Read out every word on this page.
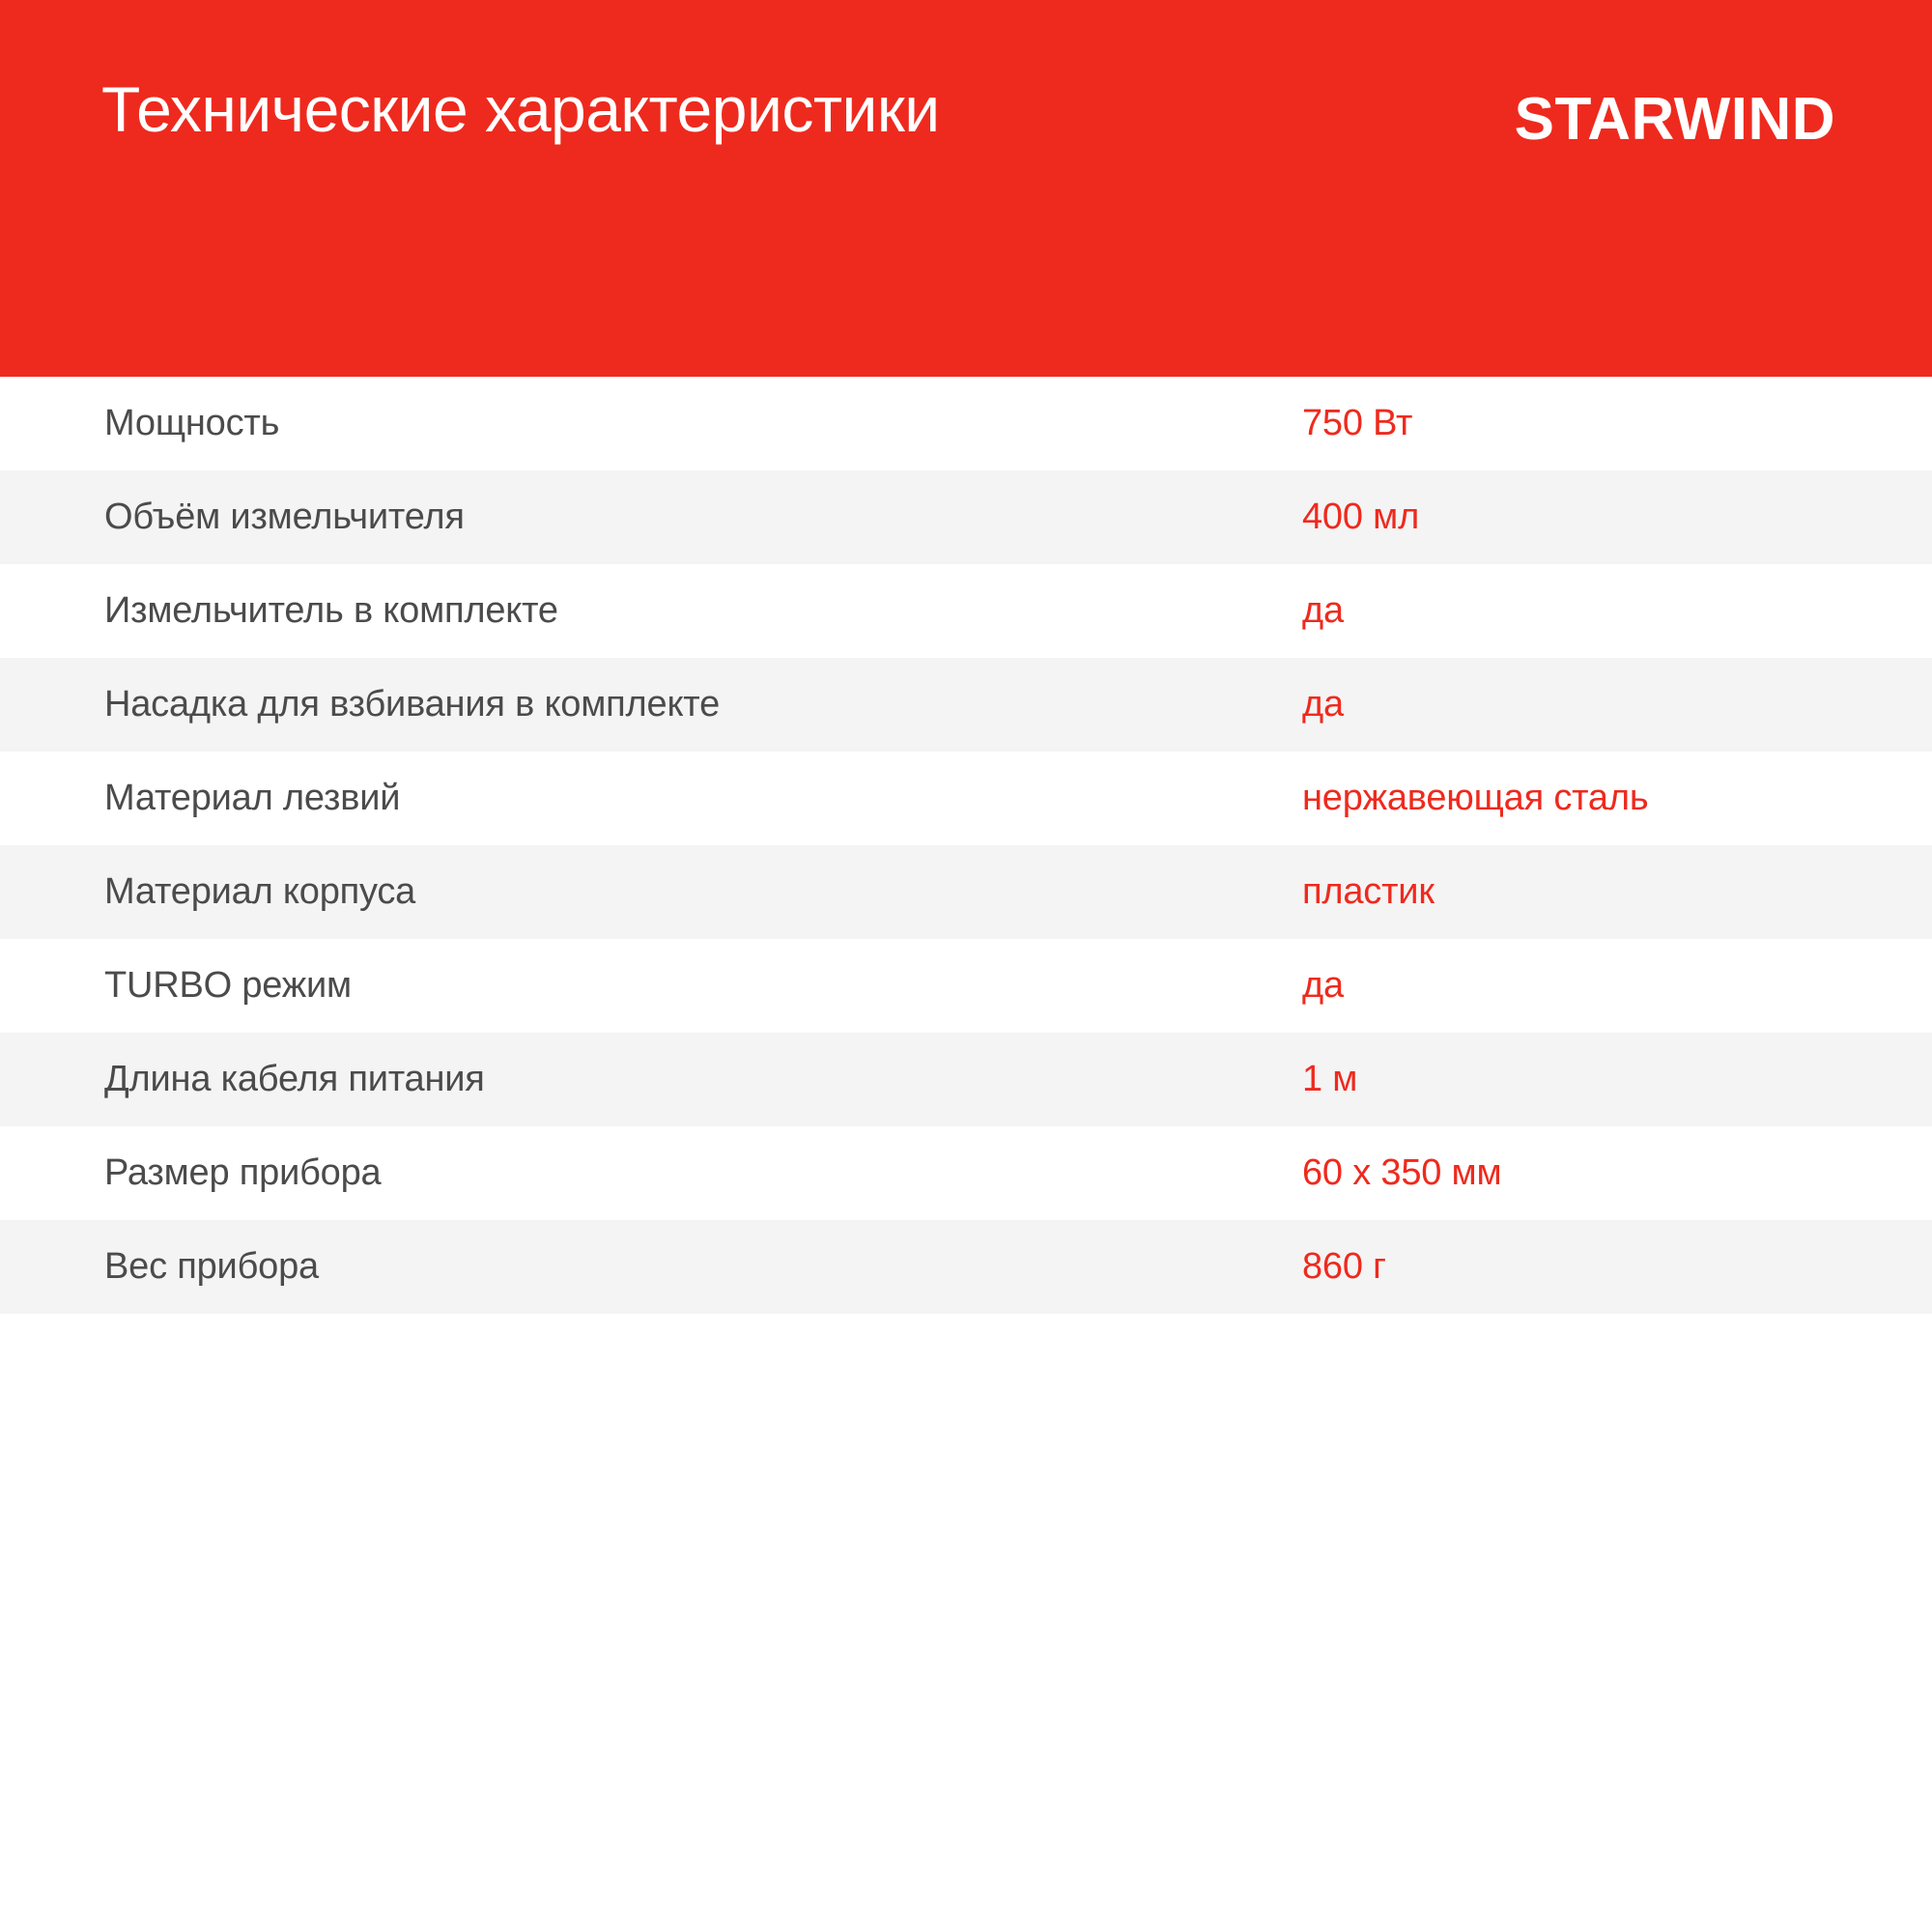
Технические характеристики	STARWIND
Мощность	750 Вт
Объём измельчителя	400 мл
Измельчитель в комплекте	да
Насадка для взбивания в комплекте	да
Материал лезвий	нержавеющая сталь
Материал корпуса	пластик
TURBO режим	да
Длина кабеля питания	1 м
Размер прибора	60 x 350 мм
Вес прибора	860 г
